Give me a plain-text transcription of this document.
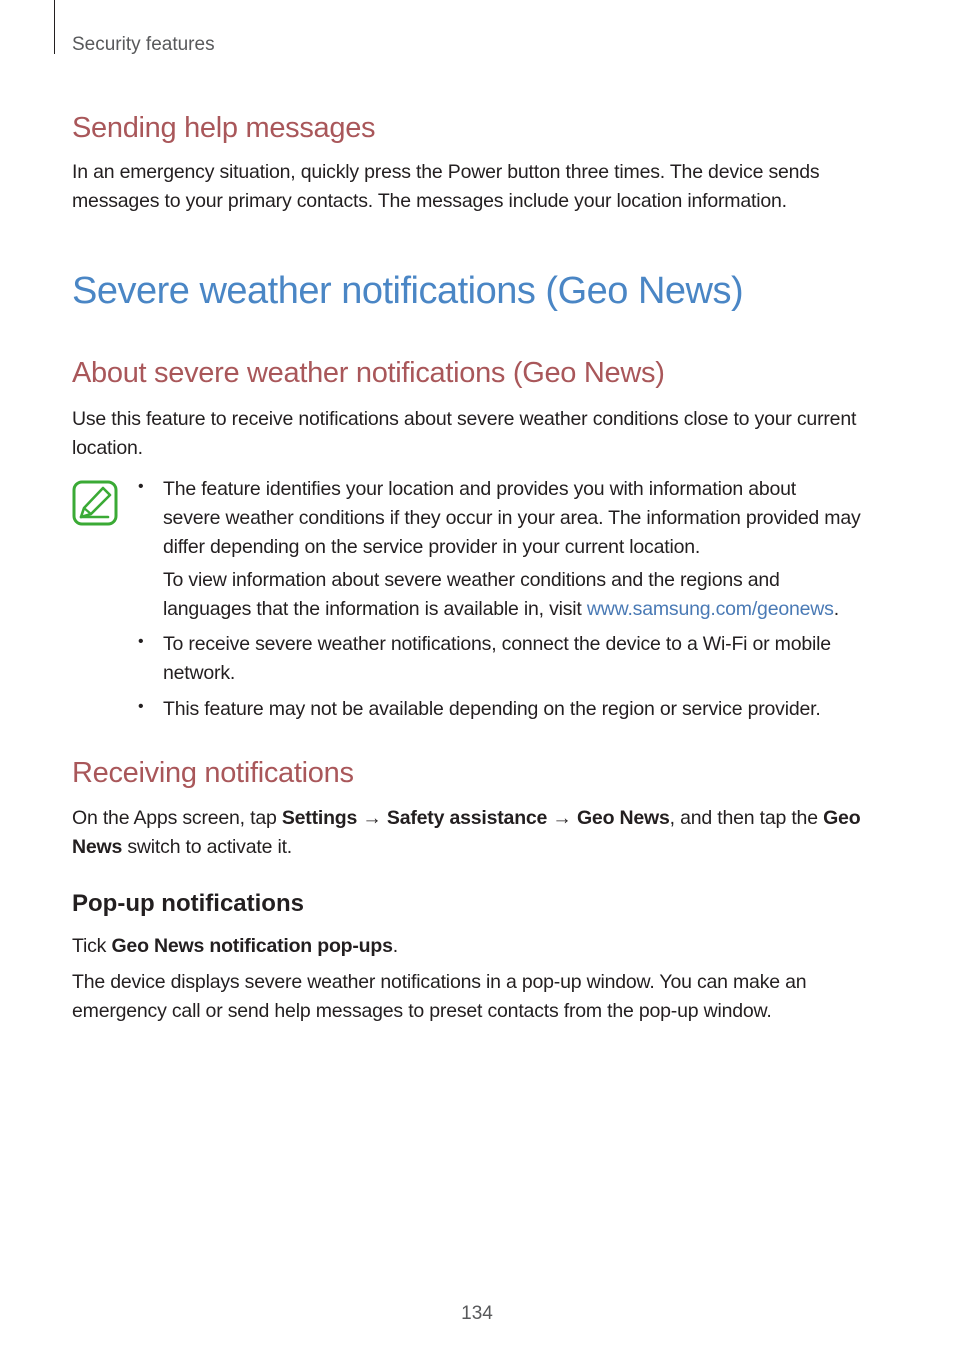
Security features
Sending help messages

In an emergency situation, quickly press the Power button three times. The device sends
messages to your primary contacts. The messages include your location information.

Severe weather notifications (Geo News)
About severe weather notifications (Geo News)

Use this feature to receive notifications about severe weather conditions close to your current
location.

• The feature identifies your location and provides you with information about
severe weather conditions if they occur in your area. The information provided may
differ depending on the service provider in your current location.

To view information about severe weather conditions and the regions and
languages that the information is available in, visit www.samsung.com/geonews.

• To receive severe weather notifications, connect the device to a Wi-Fi or mobile
network.

• This feature may not be available depending on the region or service provider.

Receiving notifications

On the Apps screen, tap Settings → Safety assistance → Geo News, and then tap the Geo
News switch to activate it.

Pop-up notifications

Tick Geo News notification pop-ups.

The device displays severe weather notifications in a pop-up window. You can make an
emergency call or send help messages to preset contacts from the pop-up window.

134
